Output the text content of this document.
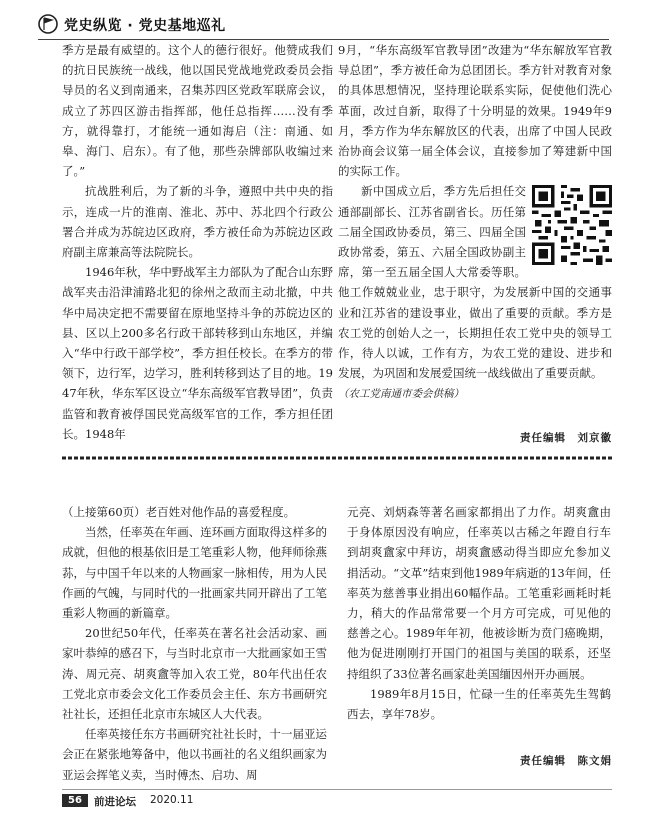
党史纵览 · 党史基地巡礼

季方是最有威望的。这个人的德行很好。他赞成我们的抗日民族统一战线，他以国民党战地党政委员会指导员的名义到南通来，召集苏四区党政军联席会议，成立了苏四区游击指挥部，他任总指挥……没有季方，就得靠打，才能统一通如海启（注：南通、如皋、海门、启东）。有了他，那些杂牌部队收编过来了。”

抗战胜利后，为了新的斗争，遵照中共中央的指示，连成一片的淮南、淮北、苏中、苏北四个行政公署合并成为苏皖边区政府，季方被任命为苏皖边区政府副主席兼高等法院院长。

1946年秋，华中野战军主力部队为了配合山东野战军夹击沿津浦路北犯的徐州之敌而主动北撤，中共华中局决定把不需要留在原地坚持斗争的苏皖边区的县、区以上200多名行政干部转移到山东地区，并编入“华中行政干部学校”，季方担任校长。在季方的带领下，边行军，边学习，胜利转移到达了目的地。1947年秋，华东军区设立“华东高级军官教导团”，负责监管和教育被俘国民党高级军官的工作，季方担任团长。1948年

9月，“华东高级军官教导团”改建为“华东解放军官教导总团”，季方被任命为总团团长。季方针对教育对象的具体思想情况，坚持理论联系实际，促使他们洗心革面，改过自新，取得了十分明显的效果。1949年9月，季方作为华东解放区的代表，出席了中国人民政治协商会议第一届全体会议，直接参加了筹建新中国的实际工作。

新中国成立后，季方先后担任交通部副部长、江苏省副省长。历任第二届全国政协委员，第三、四届全国政协常委，第五、六届全国政协副主席，第一至五届全国人大常委等职。他工作兢兢业业，忠于职守，为发展新中国的交通事业和江苏省的建设事业，做出了重要的贡献。季方是农工党的创始人之一，长期担任农工党中央的领导工作，待人以诚，工作有方，为农工党的建设、进步和发展，为巩固和发展爱国统一战线做出了重要贡献。
（农工党南通市委会供稿）

责任编辑　刘京徽

（上接第60页）老百姓对他作品的喜爱程度。

当然，任率英在年画、连环画方面取得这样多的成就，但他的根基依旧是工笔重彩人物，他拜师徐燕荪，与中国千年以来的人物画家一脉相传，用为人民作画的气魄，与同时代的一批画家共同开辟出了工笔重彩人物画的新篇章。

20世纪50年代，任率英在著名社会活动家、画家叶恭绰的感召下，与当时北京市一大批画家如王雪涛、周元亮、胡爽盦等加入农工党，80年代出任农工党北京市委会文化工作委员会主任、东方书画研究社社长，还担任北京市东城区人大代表。

任率英接任东方书画研究社社长时，十一届亚运会正在紧张地筹备中，他以书画社的名义组织画家为亚运会挥笔义卖，当时傅杰、启功、周

元亮、刘炳森等著名画家都捐出了力作。胡爽盦由于身体原因没有响应，任率英以古稀之年蹬自行车到胡爽盦家中拜访，胡爽盦感动得当即应允参加义捐活动。“文革”结束到他1989年病逝的13年间，任率英为慈善事业捐出60幅作品。工笔重彩画耗时耗力，稍大的作品常常要一个月方可完成，可见他的慈善之心。1989年年初，他被诊断为贲门癌晚期，他为促进刚刚打开国门的祖国与美国的联系，还坚持组织了33位著名画家赴美国缅因州开办画展。

1989年8月15日，忙碌一生的任率英先生驾鹤西去，享年78岁。

责任编辑　陈文娟
56	前进论坛 2020.11
